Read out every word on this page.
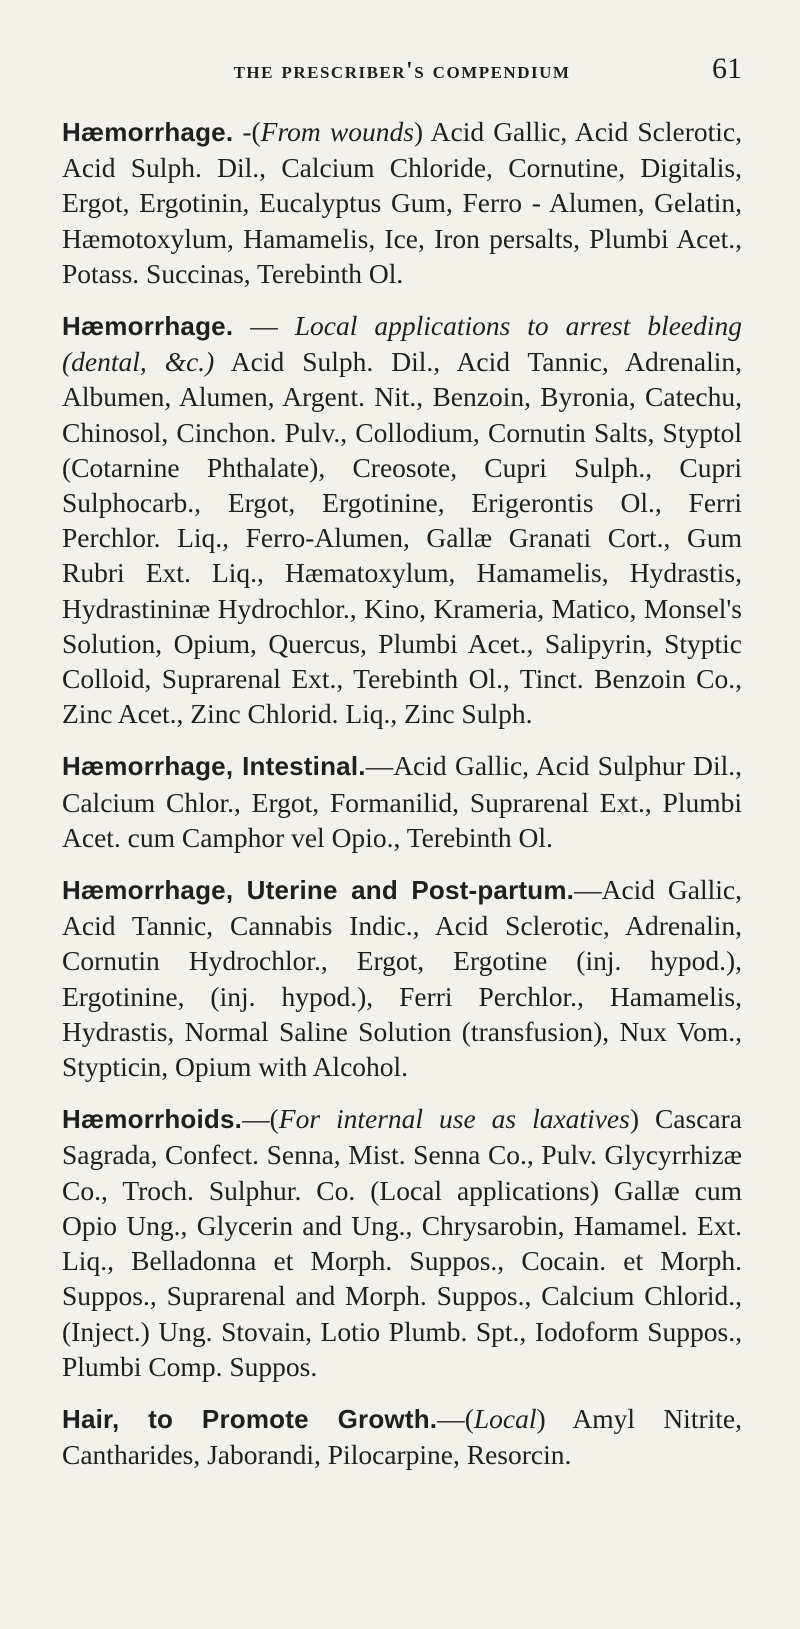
the prescriber's compendium	61

Hæmorrhage. -(From wounds) Acid Gallic, Acid Sclerotic, Acid Sulph. Dil., Calcium Chloride, Cornutine, Digitalis, Ergot, Ergotinin, Eucalyptus Gum, Ferro - Alumen, Gelatin, Hæmotoxylum, Hamamelis, Ice, Iron persalts, Plumbi Acet., Potass. Succinas, Terebinth Ol.

Hæmorrhage. — Local applications to arrest bleeding (dental, &c.) Acid Sulph. Dil., Acid Tannic, Adrenalin, Albumen, Alumen, Argent. Nit., Benzoin, Byronia, Catechu, Chinosol, Cinchon. Pulv., Collodium, Cornutin Salts, Styptol (Cotarnine Phthalate), Creosote, Cupri Sulph., Cupri Sulphocarb., Ergot, Ergotinine, Erigerontis Ol., Ferri Perchlor. Liq., Ferro-Alumen, Gallæ Granati Cort., Gum Rubri Ext. Liq., Hæmatoxylum, Hamamelis, Hydrastis, Hydrastininæ Hydrochlor., Kino, Krameria, Matico, Monsel's Solution, Opium, Quercus, Plumbi Acet., Salipyrin, Styptic Colloid, Suprarenal Ext., Terebinth Ol., Tinct. Benzoin Co., Zinc Acet., Zinc Chlorid. Liq., Zinc Sulph.

Hæmorrhage, Intestinal.—Acid Gallic, Acid Sulphur Dil., Calcium Chlor., Ergot, Formanilid, Suprarenal Ext., Plumbi Acet. cum Camphor vel Opio., Terebinth Ol.

Hæmorrhage, Uterine and Post-partum.—Acid Gallic, Acid Tannic, Cannabis Indic., Acid Sclerotic, Adrenalin, Cornutin Hydrochlor., Ergot, Ergotine (inj. hypod.), Ergotinine, (inj. hypod.), Ferri Perchlor., Hamamelis, Hydrastis, Normal Saline Solution (transfusion), Nux Vom., Stypticin, Opium with Alcohol.

Hæmorrhoids.—(For internal use as laxatives) Cascara Sagrada, Confect. Senna, Mist. Senna Co., Pulv. Glycyrrhizæ Co., Troch. Sulphur. Co. (Local applications) Gallæ cum Opio Ung., Glycerin and Ung., Chrysarobin, Hamamel. Ext. Liq., Belladonna et Morph. Suppos., Cocain. et Morph. Suppos., Suprarenal and Morph. Suppos., Calcium Chlorid., (Inject.) Ung. Stovain, Lotio Plumb. Spt., Iodoform Suppos., Plumbi Comp. Suppos.

Hair, to Promote Growth.—(Local) Amyl Nitrite, Cantharides, Jaborandi, Pilocarpine, Resorcin.
